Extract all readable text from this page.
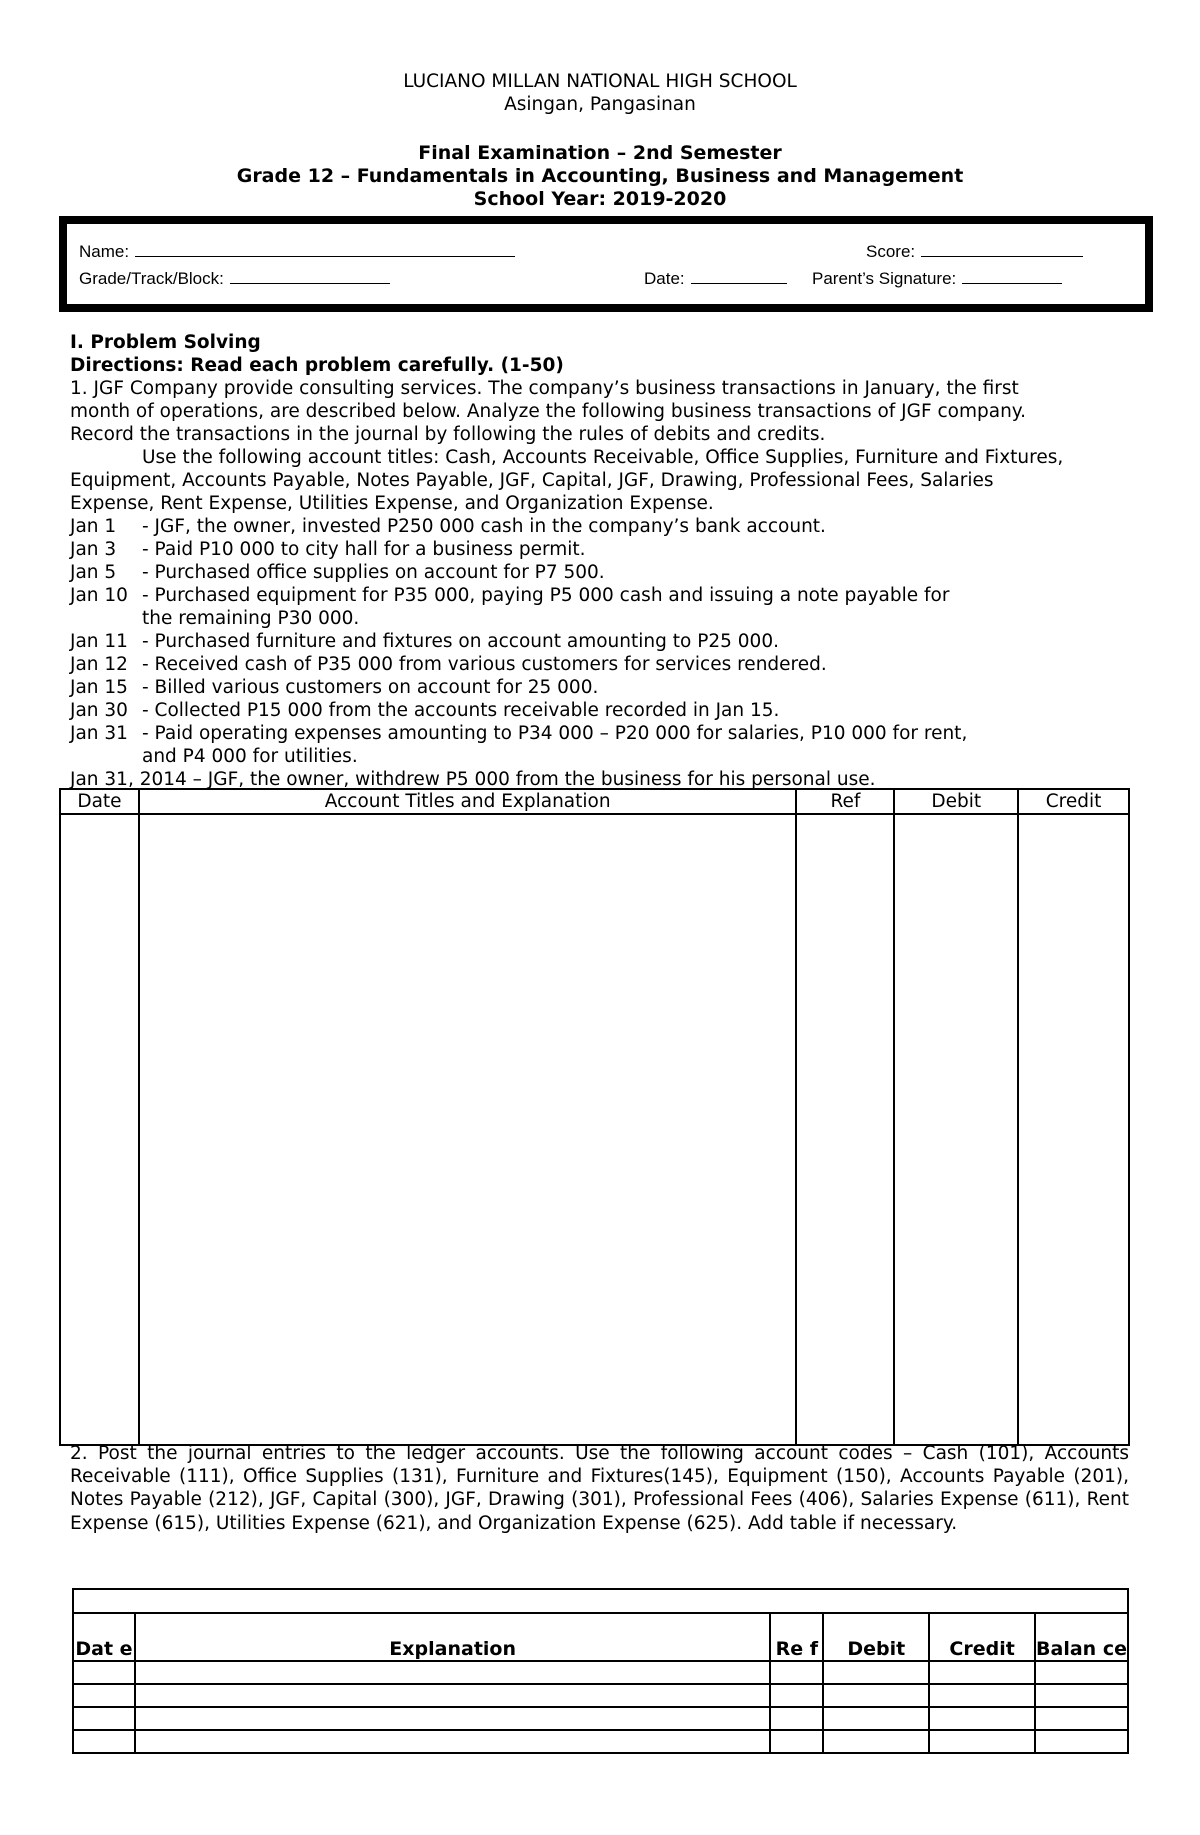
LUCIANO MILLAN NATIONAL HIGH SCHOOL
Asingan, Pangasinan
Final Examination – 2nd Semester
Grade 12 – Fundamentals in Accounting, Business and Management
School Year: 2019-2020
Name:	Score:
Grade/Track/Block:	Date:	Parent’s Signature:
I. Problem Solving
Directions: Read each problem carefully. (1-50)
1. JGF Company provide consulting services. The company’s business transactions in January, the first
month of operations, are described below. Analyze the following business transactions of JGF company.
Record the transactions in the journal by following the rules of debits and credits.
Use the following account titles: Cash, Accounts Receivable, Office Supplies, Furniture and Fixtures,
Equipment, Accounts Payable, Notes Payable, JGF, Capital, JGF, Drawing, Professional Fees, Salaries
Expense, Rent Expense, Utilities Expense, and Organization Expense.
Jan 1	- JGF, the owner, invested P250 000 cash in the company’s bank account.
Jan 3	- Paid P10 000 to city hall for a business permit.
Jan 5	- Purchased office supplies on account for P7 500.
Jan 10 - Purchased equipment for P35 000, paying P5 000 cash and issuing a note payable for
the remaining P30 000.
Jan 11 - Purchased furniture and fixtures on account amounting to P25 000.
Jan 12 - Received cash of P35 000 from various customers for services rendered.
Jan 15 - Billed various customers on account for 25 000.
Jan 30 - Collected P15 000 from the accounts receivable recorded in Jan 15.
Jan 31 - Paid operating expenses amounting to P34 000 – P20 000 for salaries, P10 000 for rent,
and P4 000 for utilities.
Jan 31, 2014 – JGF, the owner, withdrew P5 000 from the business for his personal use.
Date	Account Titles and Explanation	Ref	Debit	Credit

2. Post the journal entries to the ledger accounts. Use the following account codes – Cash (101), Accounts Receivable (111), Office Supplies (131), Furniture and Fixtures(145), Equipment (150), Accounts Payable (201), Notes Payable (212), JGF, Capital (300), JGF, Drawing (301), Professional Fees (406), Salaries Expense (611), Rent Expense (615), Utilities Expense (621), and Organization Expense (625). Add table if necessary.

Dat e	Explanation	Re f	Debit	Credit	Balan ce
